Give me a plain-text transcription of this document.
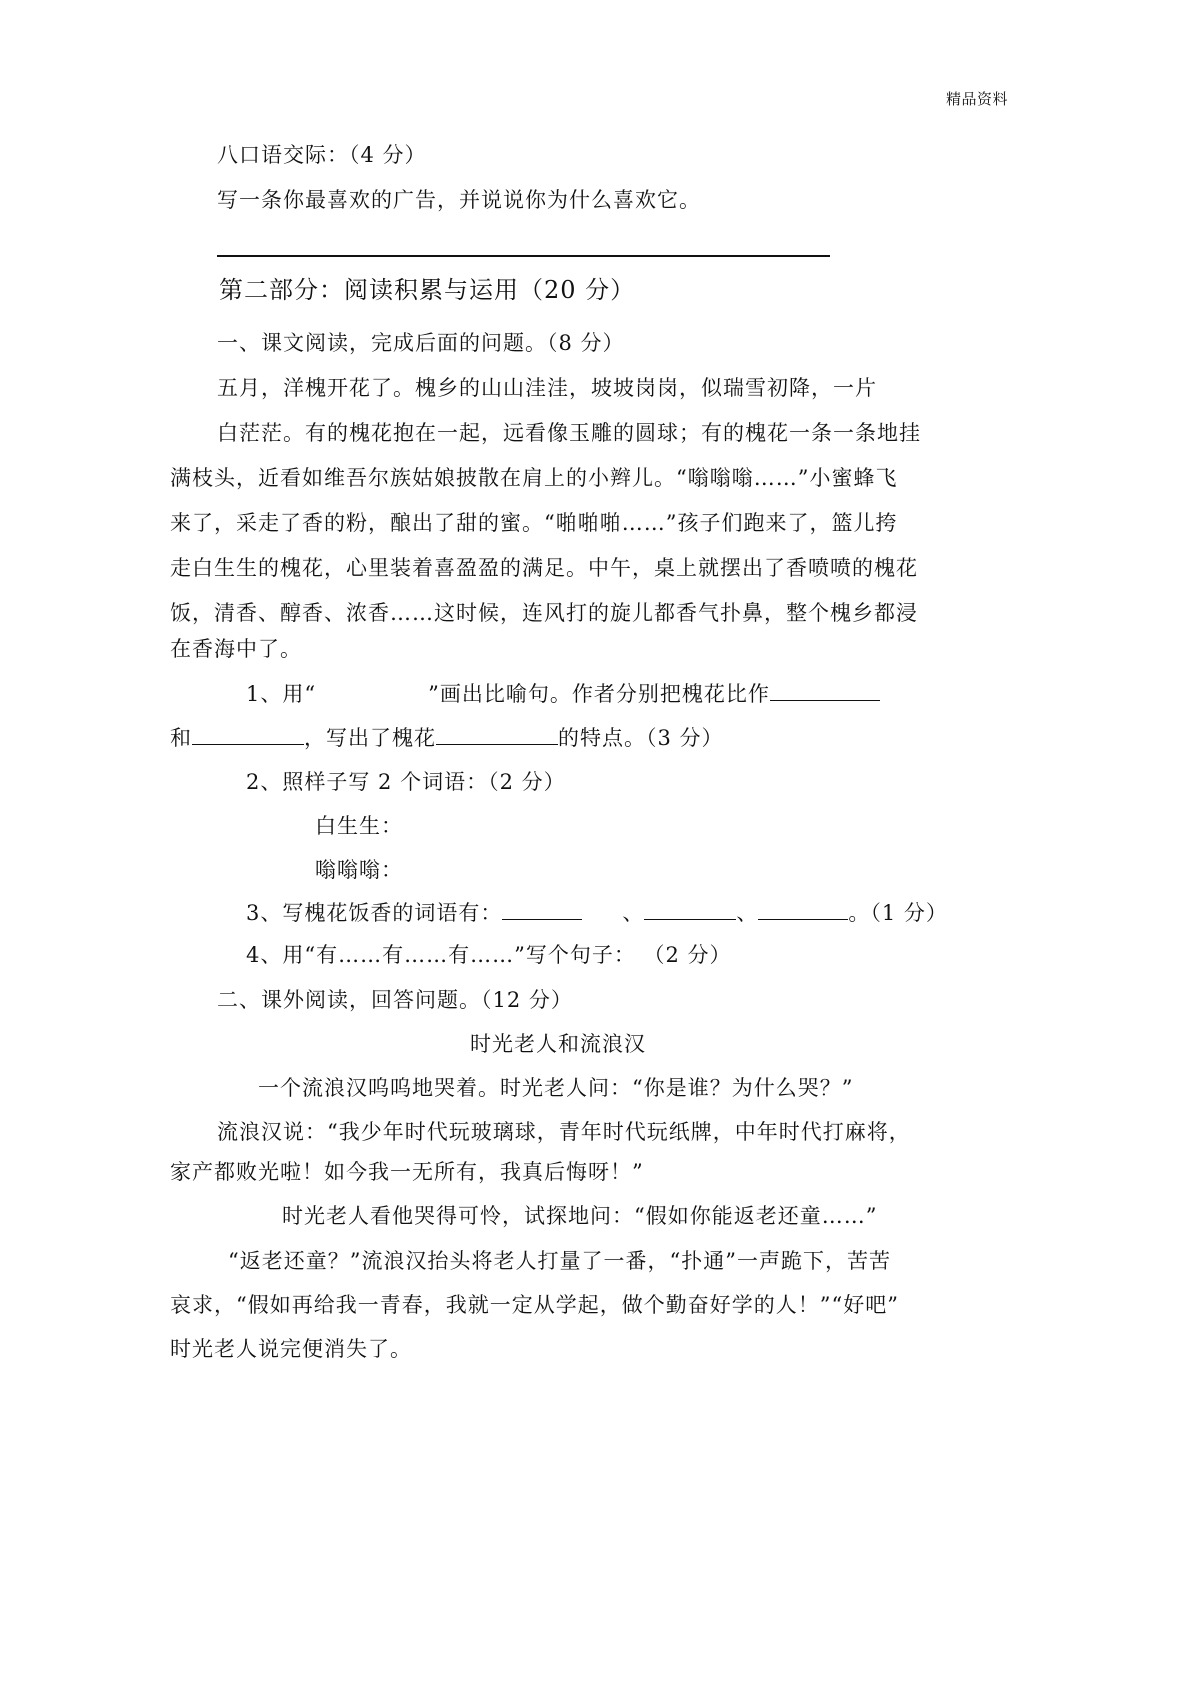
精品资料
八口语交际：（4 分）
写一条你最喜欢的广告，并说说你为什么喜欢它。
第二部分：阅读积累与运用（20 分）
一、课文阅读，完成后面的问题。（8 分）
五月，洋槐开花了。槐乡的山山洼洼，坡坡岗岗，似瑞雪初降，一片
白茫茫。有的槐花抱在一起，远看像玉雕的圆球；有的槐花一条一条地挂
满枝头，近看如维吾尔族姑娘披散在肩上的小辫儿。“嗡嗡嗡……”小蜜蜂飞
来了，采走了香的粉，酿出了甜的蜜。“啪啪啪……”孩子们跑来了，篮儿挎
走白生生的槐花，心里装着喜盈盈的满足。中午，桌上就摆出了香喷喷的槐花
饭，清香、醇香、浓香……这时候，连风打的旋儿都香气扑鼻，整个槐乡都浸
在香海中了。
1、用“	”画出比喻句。作者分别把槐花比作
和	，写出了槐花	的特点。（3 分）
2、照样子写 2 个词语：（2 分）
白生生：
嗡嗡嗡：
3、写槐花饭香的词语有：	、	、	。（1 分）
4、用“有……有……有……”写个句子： （2 分）
二、课外阅读，回答问题。（12 分）
时光老人和流浪汉
一个流浪汉呜呜地哭着。时光老人问：“你是谁？为什么哭？”
流浪汉说：“我少年时代玩玻璃球，青年时代玩纸牌，中年时代打麻将，
家产都败光啦！如今我一无所有，我真后悔呀！”
时光老人看他哭得可怜，试探地问：“假如你能返老还童……”
“返老还童？”流浪汉抬头将老人打量了一番，“扑通”一声跪下，苦苦
哀求，“假如再给我一青春，我就一定从学起，做个勤奋好学的人！”“好吧”
时光老人说完便消失了。
